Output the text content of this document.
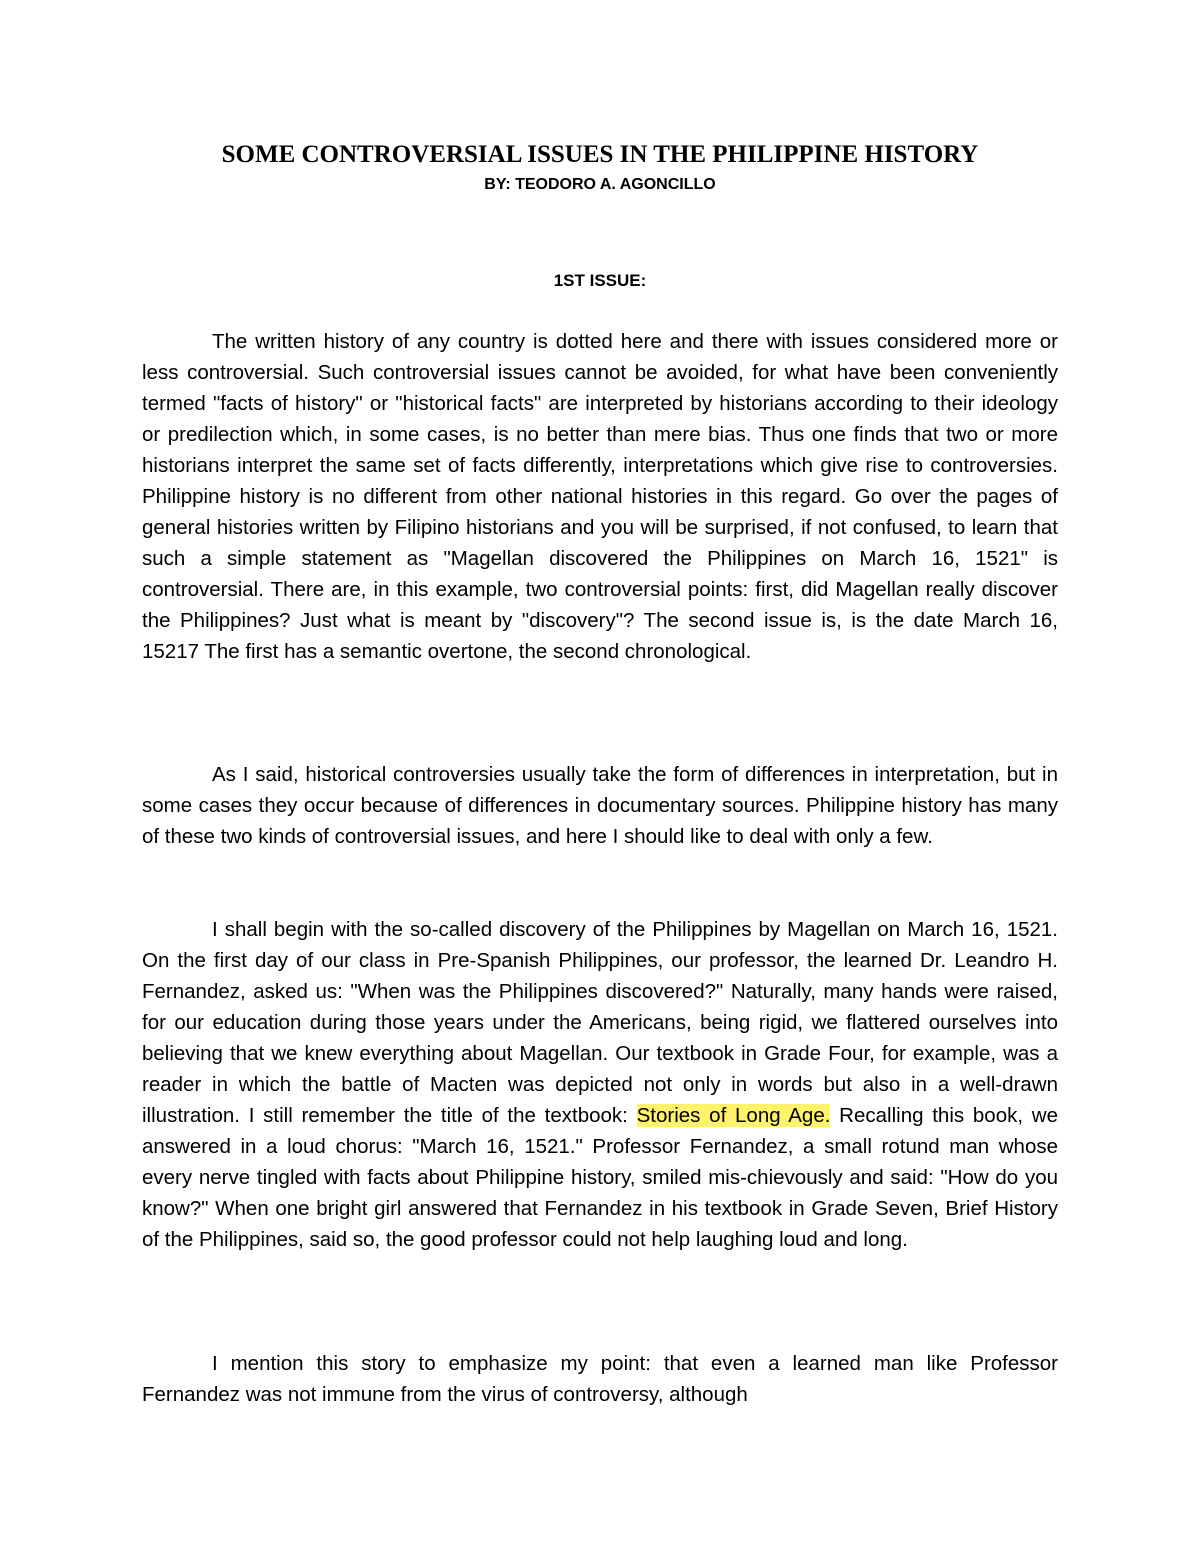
SOME CONTROVERSIAL ISSUES IN THE PHILIPPINE HISTORY
BY: TEODORO A. AGONCILLO
1ST ISSUE:

The written history of any country is dotted here and there with issues considered more or less controversial. Such controversial issues cannot be avoided, for what have been conveniently termed "facts of history" or "historical facts" are interpreted by historians according to their ideology or predilection which, in some cases, is no better than mere bias. Thus one finds that two or more historians interpret the same set of facts differently, interpretations which give rise to controversies. Philippine history is no different from other national histories in this regard. Go over the pages of general histories written by Filipino historians and you will be surprised, if not confused, to learn that such a simple statement as "Magellan discovered the Philippines on March 16, 1521" is controversial. There are, in this example, two controversial points: first, did Magellan really discover the Philippines? Just what is meant by "discovery"? The second issue is, is the date March 16, 15217 The first has a semantic overtone, the second chronological.

As I said, historical controversies usually take the form of differences in interpretation, but in some cases they occur because of differences in documentary sources. Philippine history has many of these two kinds of controversial issues, and here I should like to deal with only a few.

I shall begin with the so-called discovery of the Philippines by Magellan on March 16, 1521. On the first day of our class in Pre-Spanish Philippines, our professor, the learned Dr. Leandro H. Fernandez, asked us: "When was the Philippines discovered?" Naturally, many hands were raised, for our education during those years under the Americans, being rigid, we flattered ourselves into believing that we knew everything about Magellan. Our textbook in Grade Four, for example, was a reader in which the battle of Macten was depicted not only in words but also in a well-drawn illustration. I still remember the title of the textbook: Stories of Long Age. Recalling this book, we answered in a loud chorus: "March 16, 1521." Professor Fernandez, a small rotund man whose every nerve tingled with facts about Philippine history, smiled mis-chievously and said: "How do you know?" When one bright girl answered that Fernandez in his textbook in Grade Seven, Brief History of the Philippines, said so, the good professor could not help laughing loud and long.

I mention this story to emphasize my point: that even a learned man like Professor Fernandez was not immune from the virus of controversy, although
